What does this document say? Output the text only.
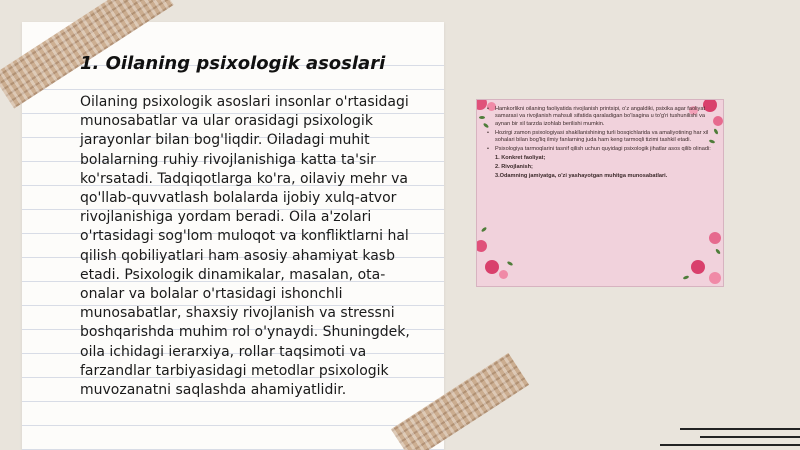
1. Oilaning psixologik asoslari
Oilaning psixologik asoslari insonlar o'rtasidagi munosabatlar va ular orasidagi psixologik jarayonlar bilan bog'liqdir. Oiladagi muhit bolalarning ruhiy rivojlanishiga katta ta'sir ko'rsatadi. Tadqiqotlarga ko'ra, oilaviy mehr va qo'llab-quvvatlash bolalarda ijobiy xulq-atvor rivojlanishiga yordam beradi. Oila a'zolari o'rtasidagi sog'lom muloqot va konfliktlarni hal qilish qobiliyatlari ham asosiy ahamiyat kasb etadi. Psixologik dinamikalar, masalan, ota-onalar va bolalar o'rtasidagi ishonchli munosabatlar, shaxsiy rivojlanish va stressni boshqarishda muhim rol o'ynaydi. Shuningdek, oila ichidagi ierarxiya, rollar taqsimoti va farzandlar tarbiyasidagi metodlar psixologik muvozanatni saqlashda ahamiyatlidir.
• Hamkorlikni oilaning faoliyatida rivojlanish printsipi, o'z angaldiki, psixika agar faoliyat samarasi va rivojlanish mahsuli sifatida qaraladigan bo'lsagina u to'g'ri tushunilishi va aynan bir xil tarzda izohlab berilishi mumkin.
• Hozirgi zamon psixologiyasi shakllanishining turli bosqichlarida va amaliyotining har xil sohalari bilan bog'liq ilmiy fanlarning juda ham keng tarmoqli tizimi tashkil etadi.
• Psixologiya tarmoqlarini tasnif qilish uchun quyidagi psixologik jihatlar asos qilib olinadi:
1. Konkret faoliyat;
2. Rivojlanish;
3.Odamning jamiyatga, o'zi yashayotgan muhitga munosabatlari.
